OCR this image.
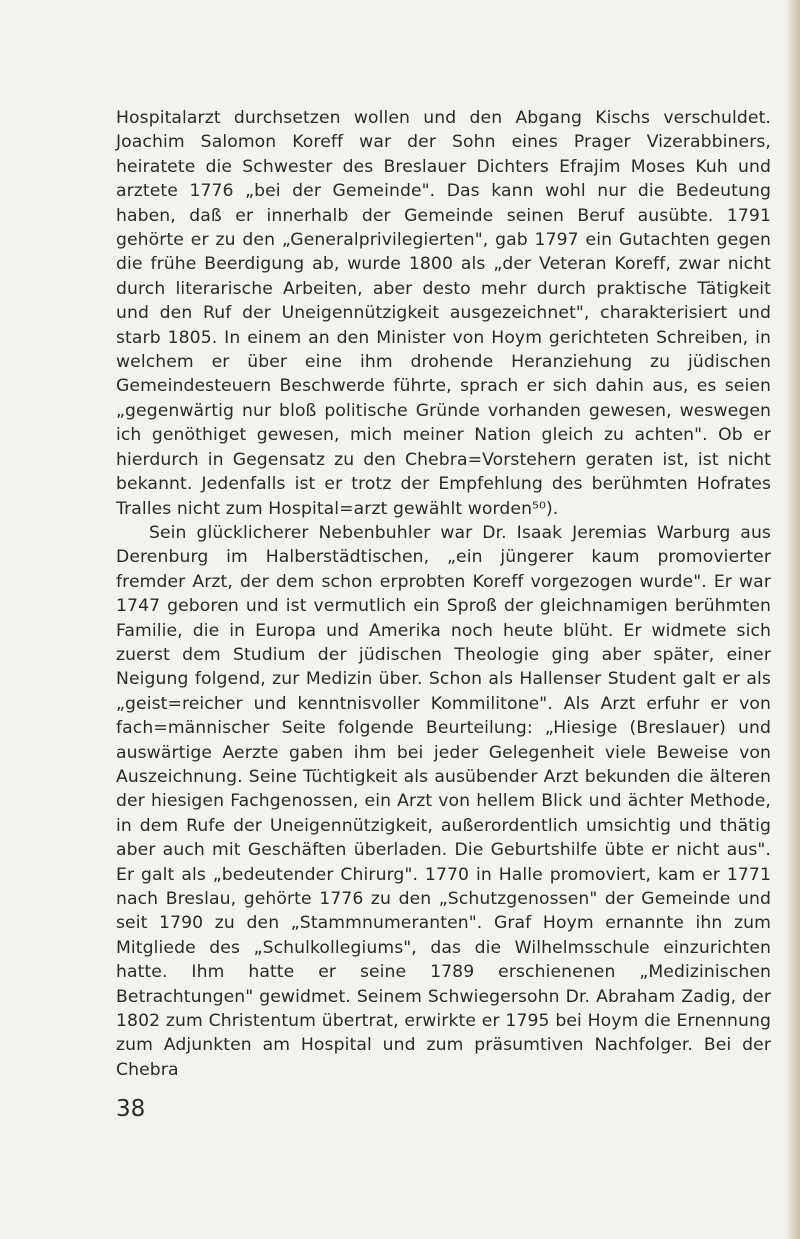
Hospitalarzt durchsetzen wollen und den Abgang Kischs verschuldet. Joachim Salomon Koreff war der Sohn eines Prager Vizerabbiners, heiratete die Schwester des Breslauer Dichters Efrajim Moses Kuh und arztete 1776 „bei der Gemeinde". Das kann wohl nur die Bedeutung haben, daß er innerhalb der Gemeinde seinen Beruf ausübte. 1791 gehörte er zu den „Generalprivilegierten", gab 1797 ein Gutachten gegen die frühe Beerdigung ab, wurde 1800 als „der Veteran Koreff, zwar nicht durch literarische Arbeiten, aber desto mehr durch praktische Tätigkeit und den Ruf der Uneigennützigkeit ausgezeichnet", charakterisiert und starb 1805. In einem an den Minister von Hoym gerichteten Schreiben, in welchem er über eine ihm drohende Heranziehung zu jüdischen Gemeindesteuern Beschwerde führte, sprach er sich dahin aus, es seien „gegenwärtig nur bloß politische Gründe vorhanden gewesen, weswegen ich genöthiget gewesen, mich meiner Nation gleich zu achten". Ob er hierdurch in Gegensatz zu den Chebra=Vorstehern geraten ist, ist nicht bekannt. Jedenfalls ist er trotz der Empfehlung des berühmten Hofrates Tralles nicht zum Hospital=arzt gewählt worden⁵⁰).

Sein glücklicherer Nebenbuhler war Dr. Isaak Jeremias Warburg aus Derenburg im Halberstädtischen, „ein jüngerer kaum promovierter fremder Arzt, der dem schon erprobten Koreff vorgezogen wurde". Er war 1747 geboren und ist vermutlich ein Sproß der gleichnamigen berühmten Familie, die in Europa und Amerika noch heute blüht. Er widmete sich zuerst dem Studium der jüdischen Theologie ging aber später, einer Neigung folgend, zur Medizin über. Schon als Hallenser Student galt er als „geist=reicher und kenntnisvoller Kommilitone". Als Arzt erfuhr er von fach=männischer Seite folgende Beurteilung: „Hiesige (Breslauer) und auswärtige Aerzte gaben ihm bei jeder Gelegenheit viele Beweise von Auszeichnung. Seine Tüchtigkeit als ausübender Arzt bekunden die älteren der hiesigen Fachgenossen, ein Arzt von hellem Blick und ächter Methode, in dem Rufe der Uneigennützigkeit, außerordentlich umsichtig und thätig aber auch mit Geschäften überladen. Die Geburtshilfe übte er nicht aus". Er galt als „bedeutender Chirurg". 1770 in Halle promoviert, kam er 1771 nach Breslau, gehörte 1776 zu den „Schutzgenossen" der Gemeinde und seit 1790 zu den „Stammnumeranten". Graf Hoym ernannte ihn zum Mitgliede des „Schulkollegiums", das die Wilhelmsschule einzurichten hatte. Ihm hatte er seine 1789 erschienenen „Medizinischen Betrachtungen" gewidmet. Seinem Schwiegersohn Dr. Abraham Zadig, der 1802 zum Christentum übertrat, erwirkte er 1795 bei Hoym die Ernennung zum Adjunkten am Hospital und zum präsumtiven Nachfolger. Bei der Chebra

38
